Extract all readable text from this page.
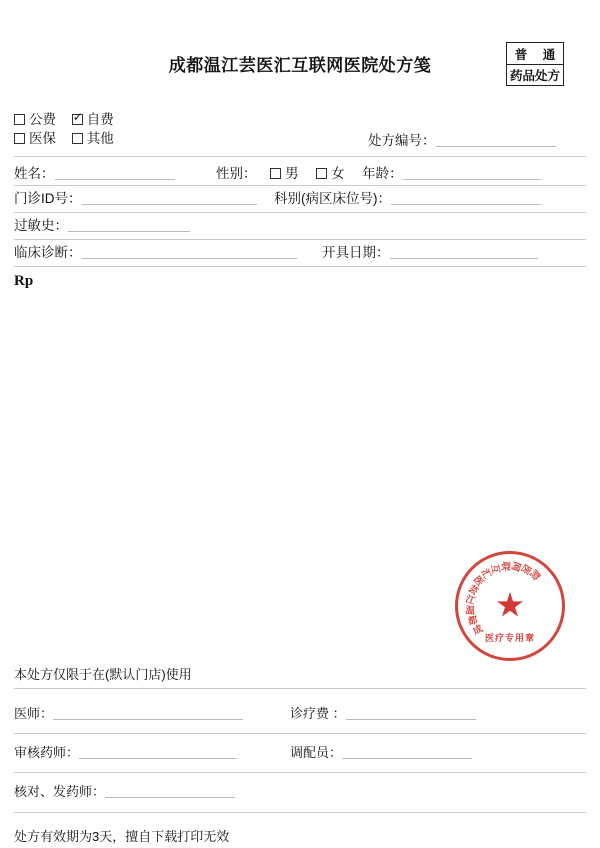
成都温江芸医汇互联网医院处方笺
普 通
药品处方
公费 ✓ 自费
医保 其他	处方编号：
姓名：	性别： 男 女 年龄：
门诊ID号：	科别(病区床位号)：
过敏史：
临床诊断：	开具日期：
Rp
★
成
都
温
江
芸
医
汇
互
联
网
医
院
医疗专用章
本处方仅限于在(默认门店)使用
医师：	诊疗费 ：
审核药师：	调配员：
核对、发药师：
处方有效期为3天，擅自下载打印无效
